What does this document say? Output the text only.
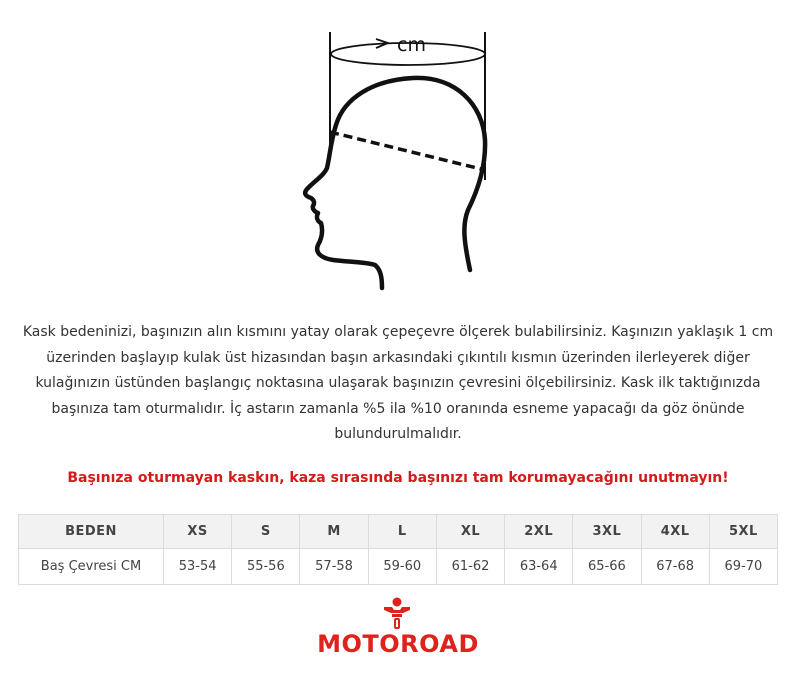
cm
Kask bedeninizi, başınızın alın kısmını yatay olarak çepeçevre ölçerek bulabilirsiniz. Kaşınızın yaklaşık 1 cm üzerinden başlayıp kulak üst hizasından başın arkasındaki çıkıntılı kısmın üzerinden ilerleyerek diğer kulağınızın üstünden başlangıç noktasına ulaşarak başınızın çevresini ölçebilirsiniz. Kask ilk taktığınızda başınıza tam oturmalıdır. İç astarın zamanla %5 ila %10 oranında esneme yapacağı da göz önünde bulundurulmalıdır.
Başınıza oturmayan kaskın, kaza sırasında başınızı tam korumayacağını unutmayın!
BEDEN	XS	S	M	L	XL	2XL	3XL	4XL	5XL
Baş Çevresi CM	53-54	55-56	57-58	59-60	61-62	63-64	65-66	67-68	69-70
MOTOROAD
